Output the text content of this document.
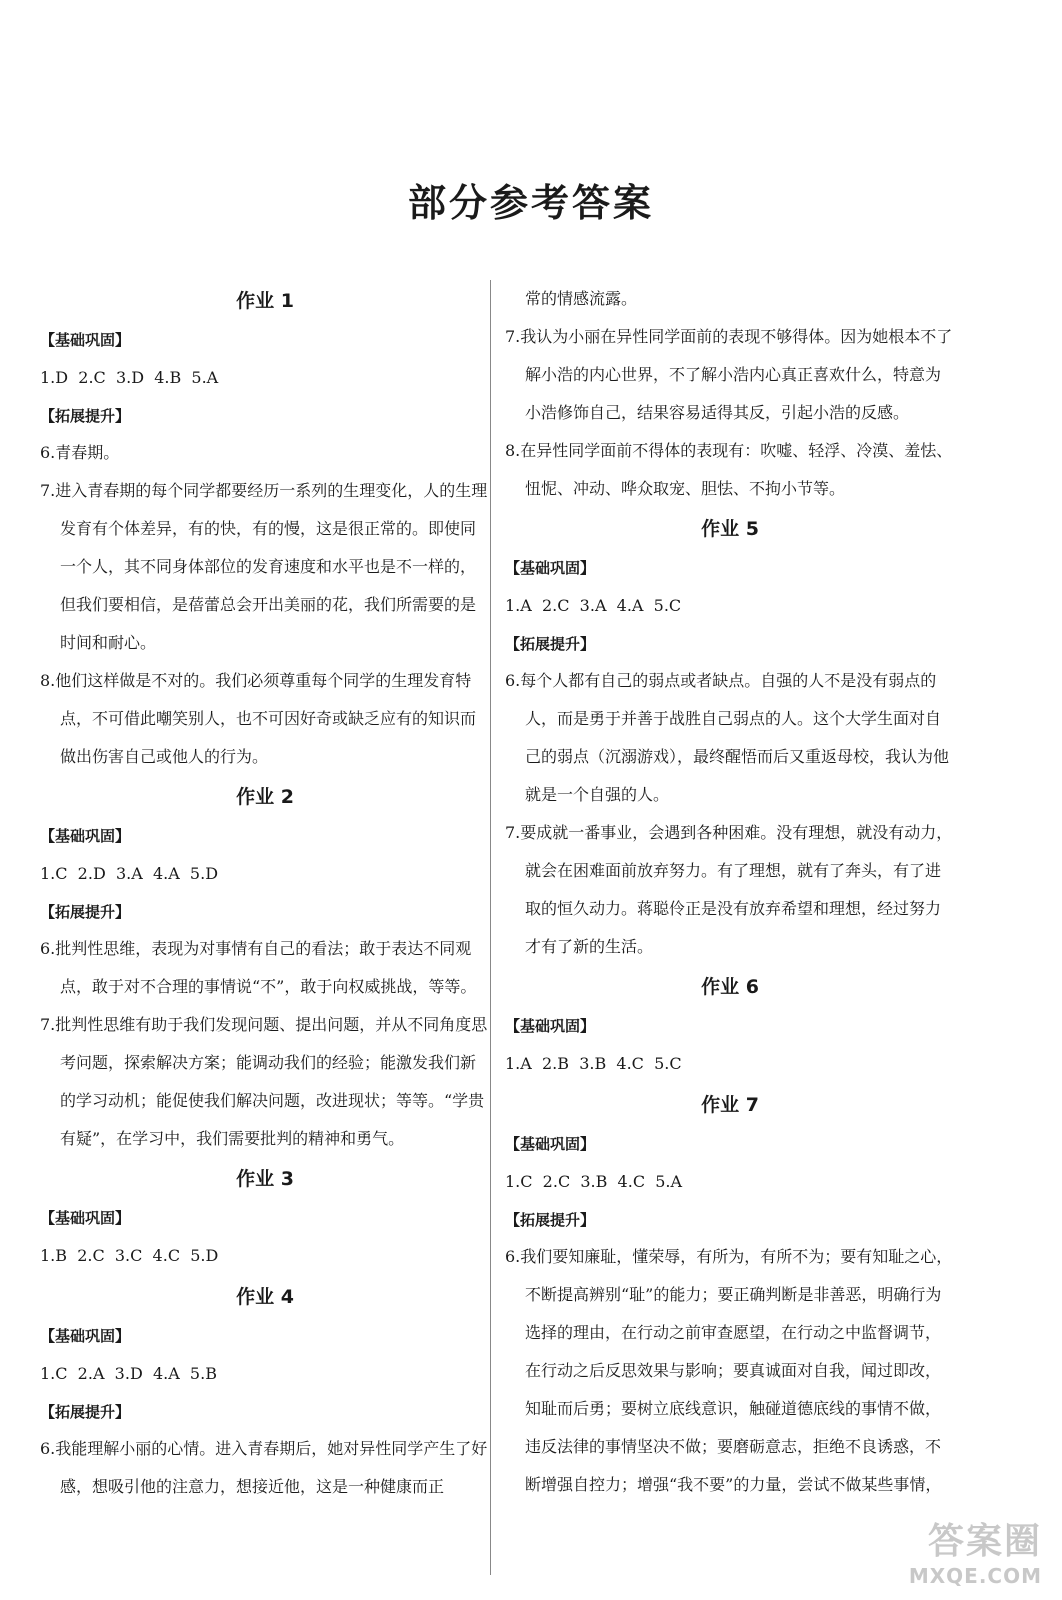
部分参考答案
作业 1
【基础巩固】
1.D  2.C  3.D  4.B  5.A
【拓展提升】

6.青春期。

7.进入青春期的每个同学都要经历一系列的生理变化，人的生理发育有个体差异，有的快，有的慢，这是很正常的。即使同一个人，其不同身体部位的发育速度和水平也是不一样的，但我们要相信，是蓓蕾总会开出美丽的花，我们所需要的是时间和耐心。

8.他们这样做是不对的。我们必须尊重每个同学的生理发育特点，不可借此嘲笑别人，也不可因好奇或缺乏应有的知识而做出伤害自己或他人的行为。

作业 2
【基础巩固】
1.C  2.D  3.A  4.A  5.D
【拓展提升】

6.批判性思维，表现为对事情有自己的看法；敢于表达不同观点，敢于对不合理的事情说“不”，敢于向权威挑战，等等。

7.批判性思维有助于我们发现问题、提出问题，并从不同角度思考问题，探索解决方案；能调动我们的经验；能激发我们新的学习动机；能促使我们解决问题，改进现状；等等。“学贵有疑”，在学习中，我们需要批判的精神和勇气。

作业 3
【基础巩固】
1.B  2.C  3.C  4.C  5.D
作业 4
【基础巩固】
1.C  2.A  3.D  4.A  5.B
【拓展提升】

6.我能理解小丽的心情。进入青春期后，她对异性同学产生了好感，想吸引他的注意力，想接近他，这是一种健康而正

常的情感流露。

7.我认为小丽在异性同学面前的表现不够得体。因为她根本不了解小浩的内心世界，不了解小浩内心真正喜欢什么，特意为小浩修饰自己，结果容易适得其反，引起小浩的反感。

8.在异性同学面前不得体的表现有：吹嘘、轻浮、冷漠、羞怯、忸怩、冲动、哗众取宠、胆怯、不拘小节等。

作业 5
【基础巩固】
1.A  2.C  3.A  4.A  5.C
【拓展提升】

6.每个人都有自己的弱点或者缺点。自强的人不是没有弱点的人，而是勇于并善于战胜自己弱点的人。这个大学生面对自己的弱点（沉溺游戏），最终醒悟而后又重返母校，我认为他就是一个自强的人。

7.要成就一番事业，会遇到各种困难。没有理想，就没有动力，就会在困难面前放弃努力。有了理想，就有了奔头，有了进取的恒久动力。蒋聪伶正是没有放弃希望和理想，经过努力才有了新的生活。

作业 6
【基础巩固】
1.A  2.B  3.B  4.C  5.C
作业 7
【基础巩固】
1.C  2.C  3.B  4.C  5.A
【拓展提升】

6.我们要知廉耻，懂荣辱，有所为，有所不为；要有知耻之心，不断提高辨别“耻”的能力；要正确判断是非善恶，明确行为选择的理由，在行动之前审查愿望，在行动之中监督调节，在行动之后反思效果与影响；要真诚面对自我，闻过即改，知耻而后勇；要树立底线意识，触碰道德底线的事情不做，违反法律的事情坚决不做；要磨砺意志，拒绝不良诱惑，不断增强自控力；增强“我不要”的力量，尝试不做某些事情，

答案圈
MXQE.COM
